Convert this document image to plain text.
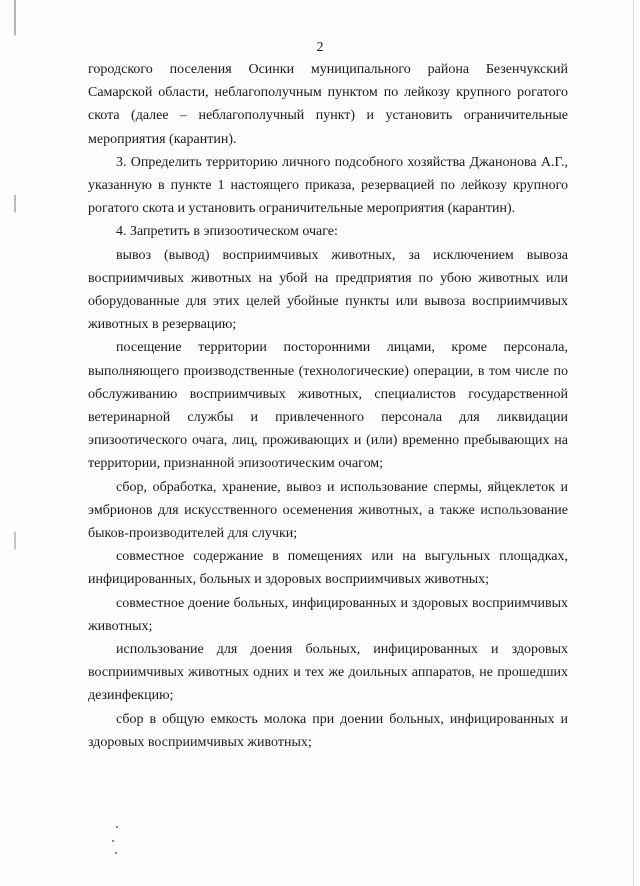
2

городского поселения Осинки муниципального района Безенчукский Самарской области, неблагополучным пунктом по лейкозу крупного рогатого скота (далее – неблагополучный пункт) и установить ограничительные мероприятия (карантин).

3. Определить территорию личного подсобного хозяйства Джанонова А.Г., указанную в пункте 1 настоящего приказа, резервацией по лейкозу крупного рогатого скота и установить ограничительные мероприятия (карантин).

4. Запретить в эпизоотическом очаге:

вывоз (вывод) восприимчивых животных, за исключением вывоза восприимчивых животных на убой на предприятия по убою животных или оборудованные для этих целей убойные пункты или вывоза восприимчивых животных в резервацию;

посещение территории посторонними лицами, кроме персонала, выполняющего производственные (технологические) операции, в том числе по обслуживанию восприимчивых животных, специалистов государственной ветеринарной службы и привлеченного персонала для ликвидации эпизоотического очага, лиц, проживающих и (или) временно пребывающих на территории, признанной эпизоотическим очагом;

сбор, обработка, хранение, вывоз и использование спермы, яйцеклеток и эмбрионов для искусственного осеменения животных, а также использование быков-производителей для случки;

совместное содержание в помещениях или на выгульных площадках, инфицированных, больных и здоровых восприимчивых животных;

совместное доение больных, инфицированных и здоровых восприимчивых животных;

использование для доения больных, инфицированных и здоровых восприимчивых животных одних и тех же доильных аппаратов, не прошедших дезинфекцию;

сбор в общую емкость молока при доении больных, инфицированных и здоровых восприимчивых животных;
